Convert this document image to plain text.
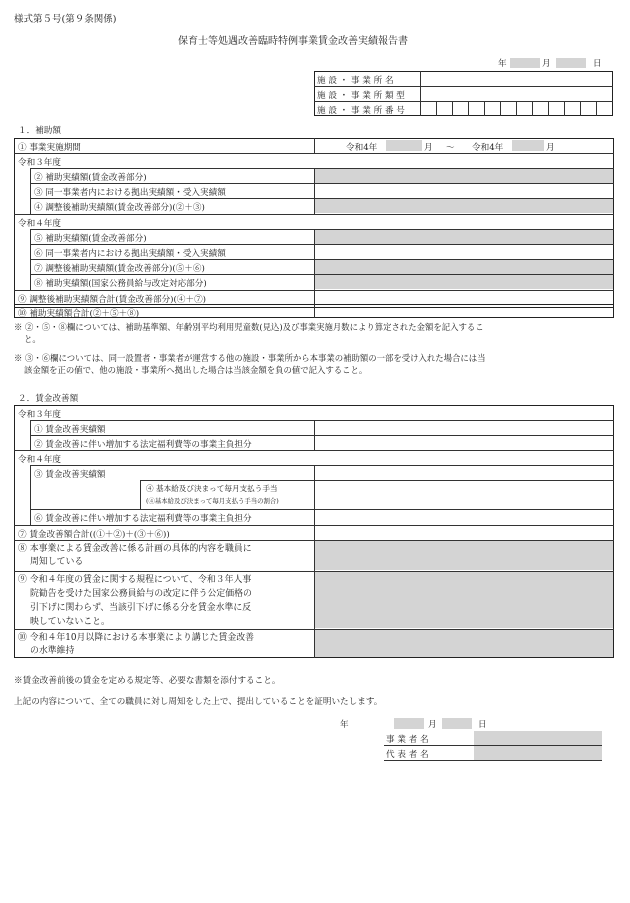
様式第５号(第９条関係)
保育士等処遇改善臨時特例事業賃金改善実績報告書
年	月	日
施 設 ・ 事 業 所 名
施 設 ・ 事 業 所 類 型
施 設 ・ 事 業 所 番 号
１．補助額
① 事業実施期間	令和4年	月 〜 令和4年	月
令和３年度
② 補助実績額(賃金改善部分)
③ 同一事業者内における拠出実績額・受入実績額
④ 調整後補助実績額(賃金改善部分)(②＋③)
令和４年度
⑤ 補助実績額(賃金改善部分)
⑥ 同一事業者内における拠出実績額・受入実績額
⑦ 調整後補助実績額(賃金改善部分)(⑤＋⑥)
⑧ 補助実績額(国家公務員給与改定対応部分)
⑨ 調整後補助実績額合計(賃金改善部分)(④＋⑦)
⑩ 補助実績額合計(②＋⑤＋⑧)
※ ②・⑤・⑧欄については、補助基準額、年齢別平均利用児童数(見込)及び事業実施月数により算定された金額を記入するこ
と。
※ ③・⑥欄については、同一設置者・事業者が運営する他の施設・事業所から本事業の補助額の一部を受け入れた場合には当
該金額を正の値で、他の施設・事業所へ拠出した場合は当該金額を負の値で記入すること。
２．賃金改善額
令和３年度
① 賃金改善実績額
② 賃金改善に伴い増加する法定福利費等の事業主負担分
令和４年度
③ 賃金改善実績額
④ 基本給及び決まって毎月支払う手当
(④基本給及び決まって毎月支払う手当の割合)
⑥ 賃金改善に伴い増加する法定福利費等の事業主負担分
⑦ 賃金改善額合計((①＋②)＋(③＋⑥))
⑧ 本事業による賃金改善に係る計画の具体的内容を職員に
周知している
⑨ 令和４年度の賃金に関する規程について、令和３年人事
院勧告を受けた国家公務員給与の改定に伴う公定価格の
引下げに関わらず、当該引下げに係る分を賃金水準に反
映していないこと。
⑩ 令和４年10月以降における本事業により講じた賃金改善
の水準維持
※賃金改善前後の賃金を定める規定等、必要な書類を添付すること。
上記の内容について、全ての職員に対し周知をした上で、提出していることを証明いたします。
年	月	日
事 業 者 名
代 表 者 名
